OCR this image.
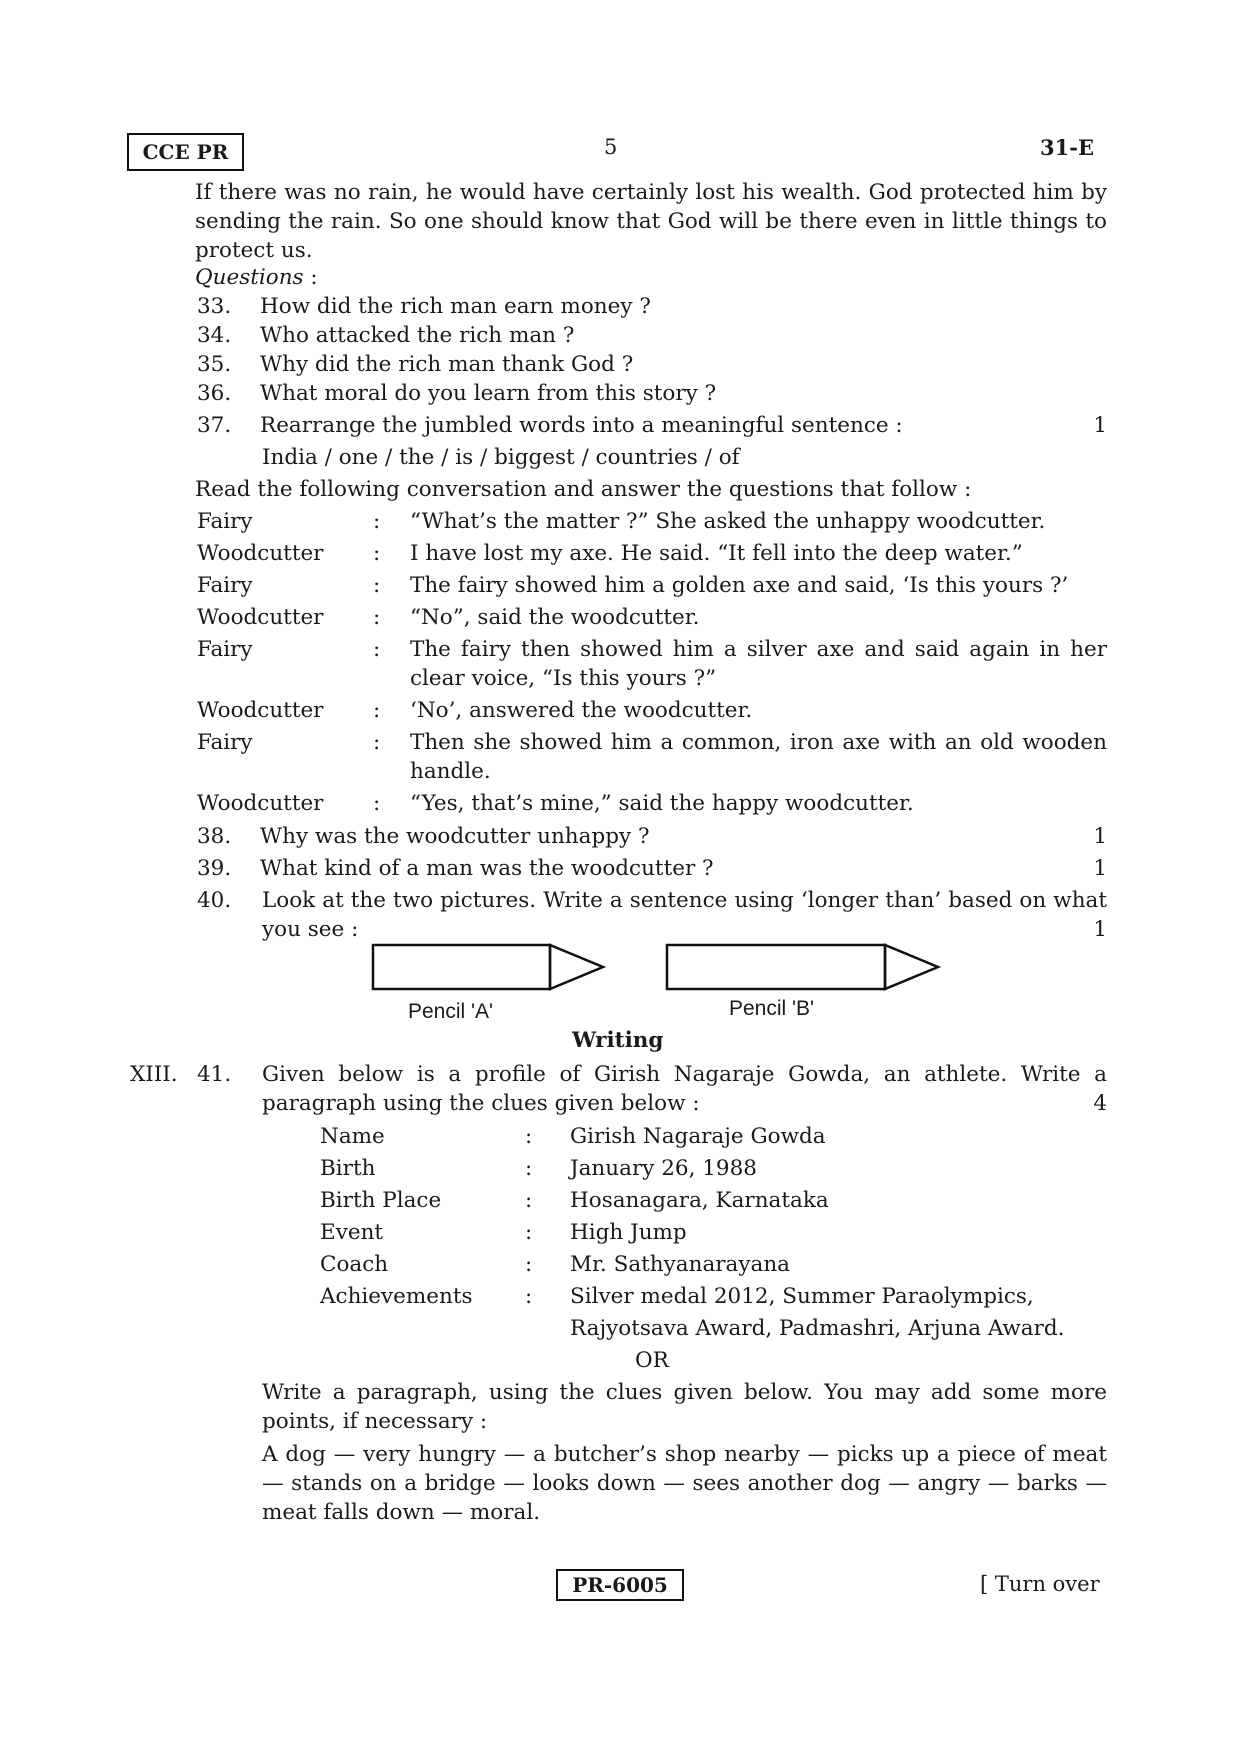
CCE PR	5	31-E
If there was no rain, he would have certainly lost his wealth. God protected him by sending the rain. So one should know that God will be there even in little things to protect us.
Questions :
33.	How did the rich man earn money ?
34.	Who attacked the rich man ?
35.	Why did the rich man thank God ?
36.	What moral do you learn from this story ?
37.	Rearrange the jumbled words into a meaningful sentence :	1
India / one / the / is / biggest / countries / of
Read the following conversation and answer the questions that follow :
Fairy	: “What’s the matter ?” She asked the unhappy woodcutter.
Woodcutter : I have lost my axe. He said. “It fell into the deep water.”
Fairy	: The fairy showed him a golden axe and said, ‘Is this yours ?’
Woodcutter : “No”, said the woodcutter.
Fairy	: The fairy then showed him a silver axe and said again in her clear voice, “Is this yours ?”
Woodcutter : ‘No’, answered the woodcutter.
Fairy	: Then she showed him a common, iron axe with an old wooden handle.
Woodcutter : “Yes, that’s mine,” said the happy woodcutter.
38.	Why was the woodcutter unhappy ?	1
39.	What kind of a man was the woodcutter ?	1
40. Look at the two pictures. Write a sentence using ‘longer than’ based on what you see :	1
Pencil 'A'	Pencil 'B'
Writing
XIII. 41. Given below is a profile of Girish Nagaraje Gowda, an athlete. Write a paragraph using the clues given below :	4
Name	: Girish Nagaraje Gowda
Birth	: January 26, 1988
Birth Place	: Hosanagara, Karnataka
Event	: High Jump
Coach	: Mr. Sathyanarayana
Achievements : Silver medal 2012, Summer Paraolympics,
Rajyotsava Award, Padmashri, Arjuna Award.
OR
Write a paragraph, using the clues given below. You may add some more points, if necessary :
A dog — very hungry — a butcher’s shop nearby — picks up a piece of meat — stands on a bridge — looks down — sees another dog — angry — barks — meat falls down — moral.
PR-6005	[ Turn over
